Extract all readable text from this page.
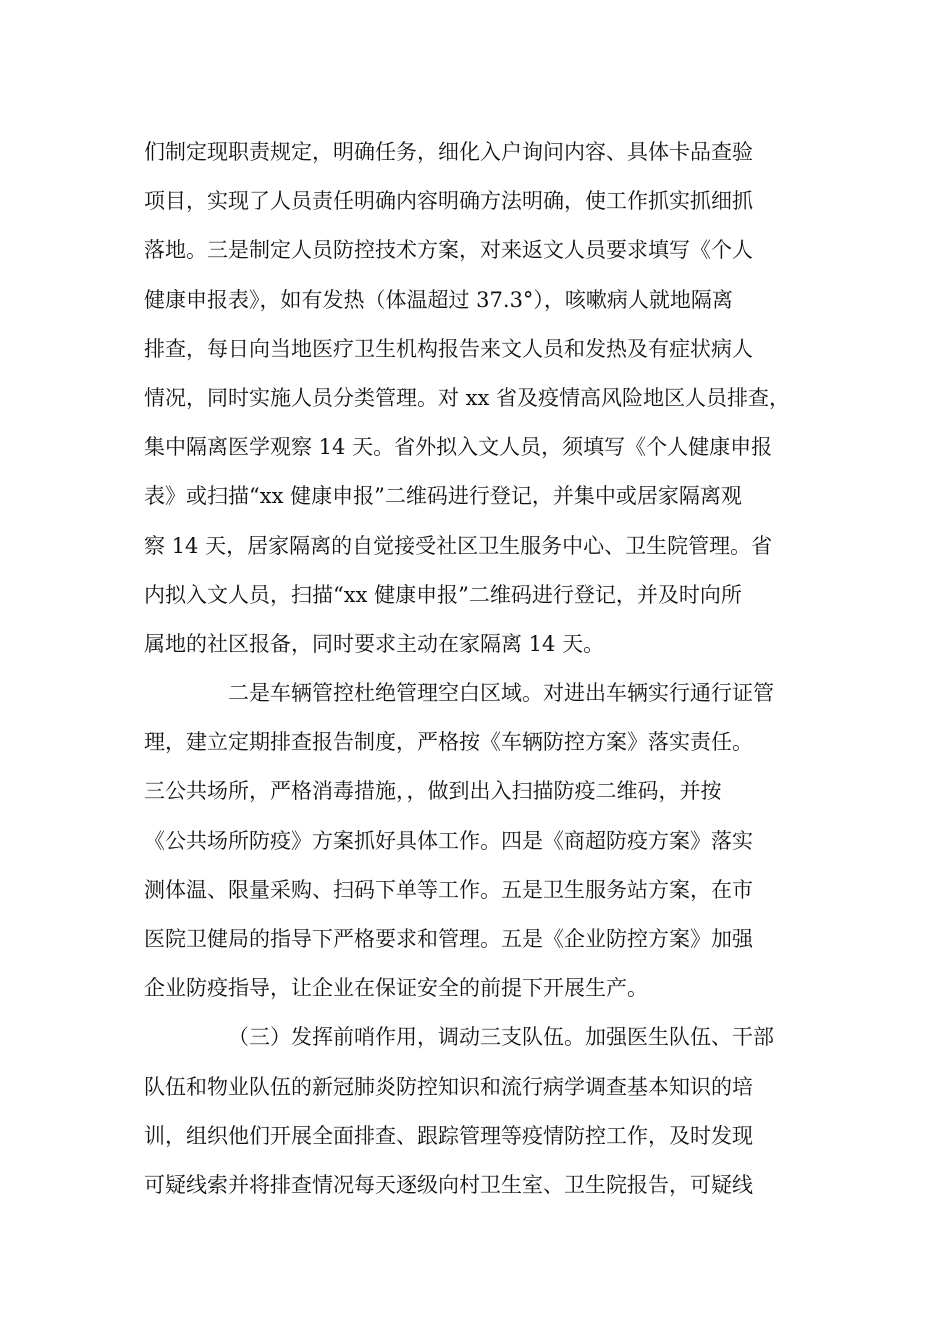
们制定现职责规定，明确任务，细化入户询问内容、具体卡品查验
项目，实现了人员责任明确内容明确方法明确，使工作抓实抓细抓
落地。三是制定人员防控技术方案，对来返文人员要求填写《个人
健康申报表》，如有发热（体温超过 37.3°），咳嗽病人就地隔离
排查，每日向当地医疗卫生机构报告来文人员和发热及有症状病人
情况，同时实施人员分类管理。对 xx 省及疫情高风险地区人员排查，
集中隔离医学观察 14 天。省外拟入文人员，须填写《个人健康申报
表》或扫描“xx 健康申报”二维码进行登记，并集中或居家隔离观
察 14 天，居家隔离的自觉接受社区卫生服务中心、卫生院管理。省
内拟入文人员，扫描“xx 健康申报”二维码进行登记，并及时向所
属地的社区报备，同时要求主动在家隔离 14 天。
二是车辆管控杜绝管理空白区域。对进出车辆实行通行证管
理，建立定期排查报告制度，严格按《车辆防控方案》落实责任。
三公共场所，严格消毒措施，，做到出入扫描防疫二维码，并按
《公共场所防疫》方案抓好具体工作。四是《商超防疫方案》落实
测体温、限量采购、扫码下单等工作。五是卫生服务站方案，在市
医院卫健局的指导下严格要求和管理。五是《企业防控方案》加强
企业防疫指导，让企业在保证安全的前提下开展生产。
（三）发挥前哨作用，调动三支队伍。加强医生队伍、干部
队伍和物业队伍的新冠肺炎防控知识和流行病学调查基本知识的培
训，组织他们开展全面排查、跟踪管理等疫情防控工作，及时发现
可疑线索并将排查情况每天逐级向村卫生室、卫生院报告，可疑线
